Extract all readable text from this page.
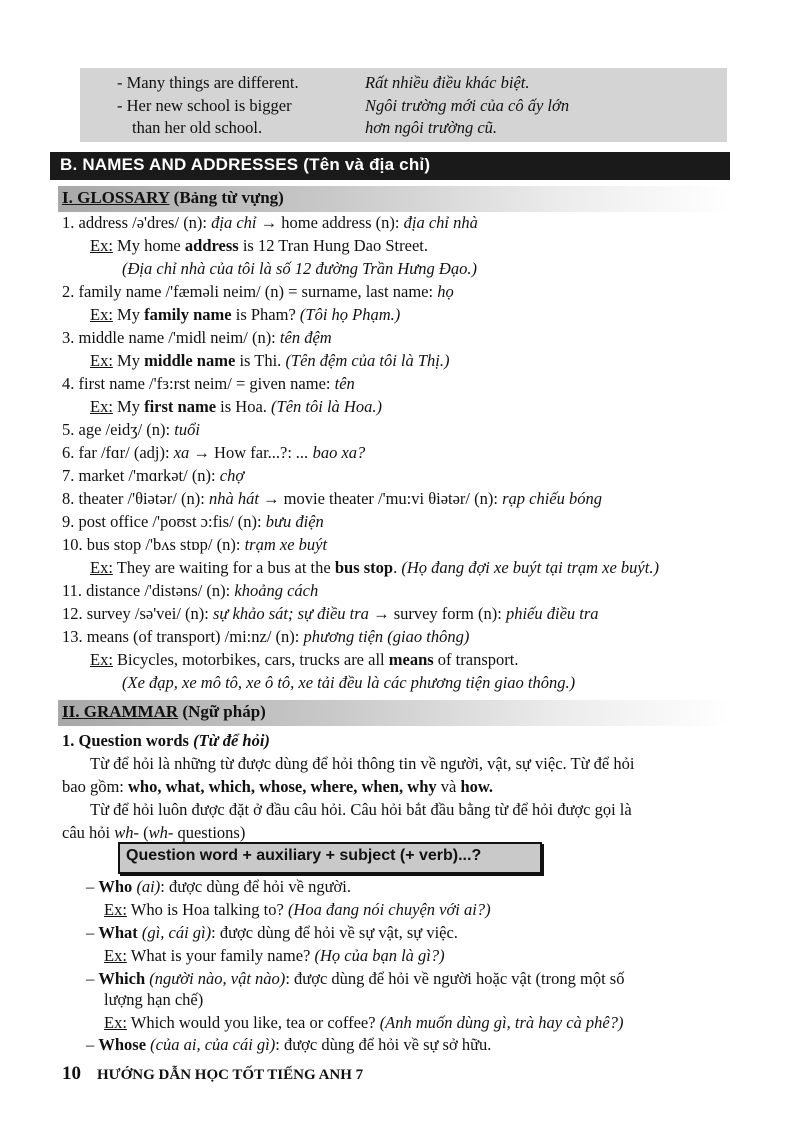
- Many things are different.	Rất nhiều điều khác biệt.
- Her new school is bigger	Ngôi trường mới của cô ấy lớn
than her old school.	hơn ngôi trường cũ.
B. NAMES AND ADDRESSES (Tên và địa chỉ)
I. GLOSSARY (Bảng từ vựng)
1. address /ə'dres/ (n): địa chỉ → home address (n): địa chỉ nhà
Ex: My home address is 12 Tran Hung Dao Street.
(Địa chỉ nhà của tôi là số 12 đường Trần Hưng Đạo.)
2. family name /'fæməli neim/ (n) = surname, last name: họ
Ex: My family name is Pham? (Tôi họ Phạm.)
3. middle name /'midl neim/ (n): tên đệm
Ex: My middle name is Thi. (Tên đệm của tôi là Thị.)
4. first name /'fɜ:rst neim/ = given name: tên
Ex: My first name is Hoa. (Tên tôi là Hoa.)
5. age /eidʒ/ (n): tuổi
6. far /fɑr/ (adj): xa → How far...?: ... bao xa?
7. market /'mɑrkət/ (n): chợ
8. theater /'θiətər/ (n): nhà hát → movie theater /'mu:vi θiətər/ (n): rạp chiếu bóng
9. post office /'poʊst ɔ:fis/ (n): bưu điện
10. bus stop /'bʌs stɒp/ (n): trạm xe buýt
Ex: They are waiting for a bus at the bus stop. (Họ đang đợi xe buýt tại trạm xe buýt.)
11. distance /'distəns/ (n): khoảng cách
12. survey /sə'vei/ (n): sự khảo sát; sự điều tra → survey form (n): phiếu điều tra
13. means (of transport) /mi:nz/ (n): phương tiện (giao thông)
Ex: Bicycles, motorbikes, cars, trucks are all means of transport.
(Xe đạp, xe mô tô, xe ô tô, xe tải đều là các phương tiện giao thông.)
II. GRAMMAR (Ngữ pháp)
1. Question words (Từ để hỏi)
Từ để hỏi là những từ được dùng để hỏi thông tin về người, vật, sự việc. Từ để hỏi
bao gồm: who, what, which, whose, where, when, why và how.
Từ để hỏi luôn được đặt ở đầu câu hỏi. Câu hỏi bắt đầu bằng từ để hỏi được gọi là
câu hỏi wh- (wh- questions)
Question word + auxiliary + subject (+ verb)...?
– Who (ai): được dùng để hỏi về người.
Ex: Who is Hoa talking to? (Hoa đang nói chuyện với ai?)
– What (gì, cái gì): được dùng để hỏi về sự vật, sự việc.
Ex: What is your family name? (Họ của bạn là gì?)
– Which (người nào, vật nào): được dùng để hỏi về người hoặc vật (trong một số
lượng hạn chế)
Ex: Which would you like, tea or coffee? (Anh muốn dùng gì, trà hay cà phê?)
– Whose (của ai, của cái gì): được dùng để hỏi về sự sở hữu.
10 HƯỚNG DẪN HỌC TỐT TIẾNG ANH 7
